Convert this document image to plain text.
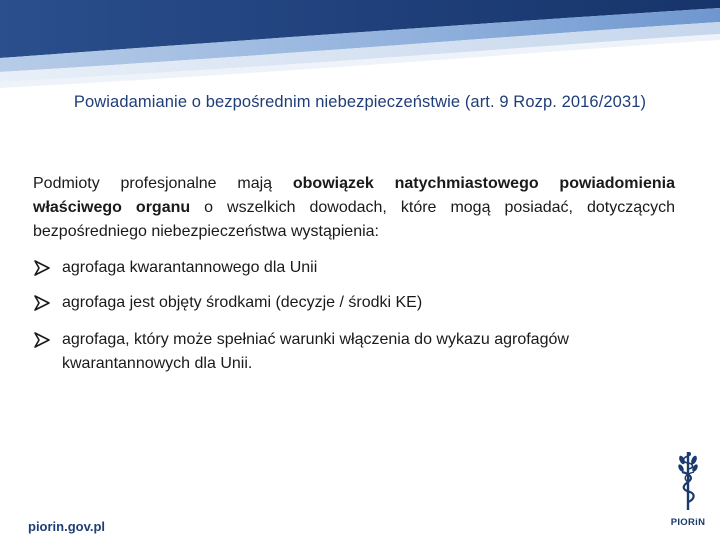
Powiadamianie o bezpośrednim niebezpieczeństwie (art. 9 Rozp. 2016/2031)

Podmioty profesjonalne mają obowiązek natychmiastowego powiadomienia właściwego organu o wszelkich dowodach, które mogą posiadać, dotyczących bezpośredniego niebezpieczeństwa wystąpienia:

agrofaga kwarantannowego dla Unii
agrofaga jest objęty środkami (decyzje / środki KE)
agrofaga, który może spełniać warunki włączenia do wykazu agrofagów kwarantannowych dla Unii.
piorin.gov.pl	PIORiN
